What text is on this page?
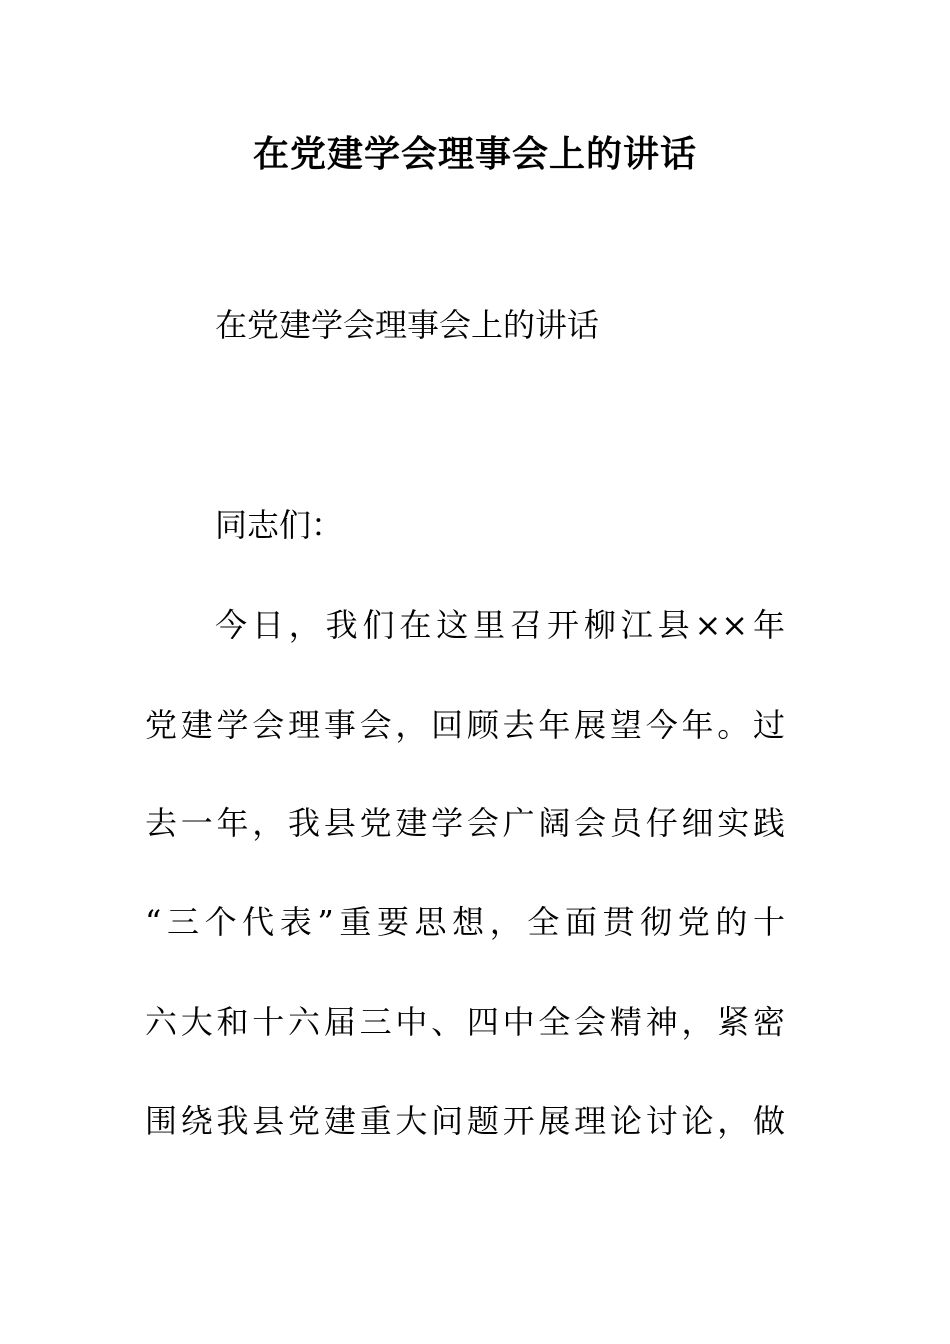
在党建学会理事会上的讲话
在党建学会理事会上的讲话
同志们：
今日，我们在这里召开柳江县××年
党建学会理事会，回顾去年展望今年。过
去一年，我县党建学会广阔会员仔细实践
“三个代表”重要思想，全面贯彻党的十
六大和十六届三中、四中全会精神，紧密
围绕我县党建重大问题开展理论讨论，做
